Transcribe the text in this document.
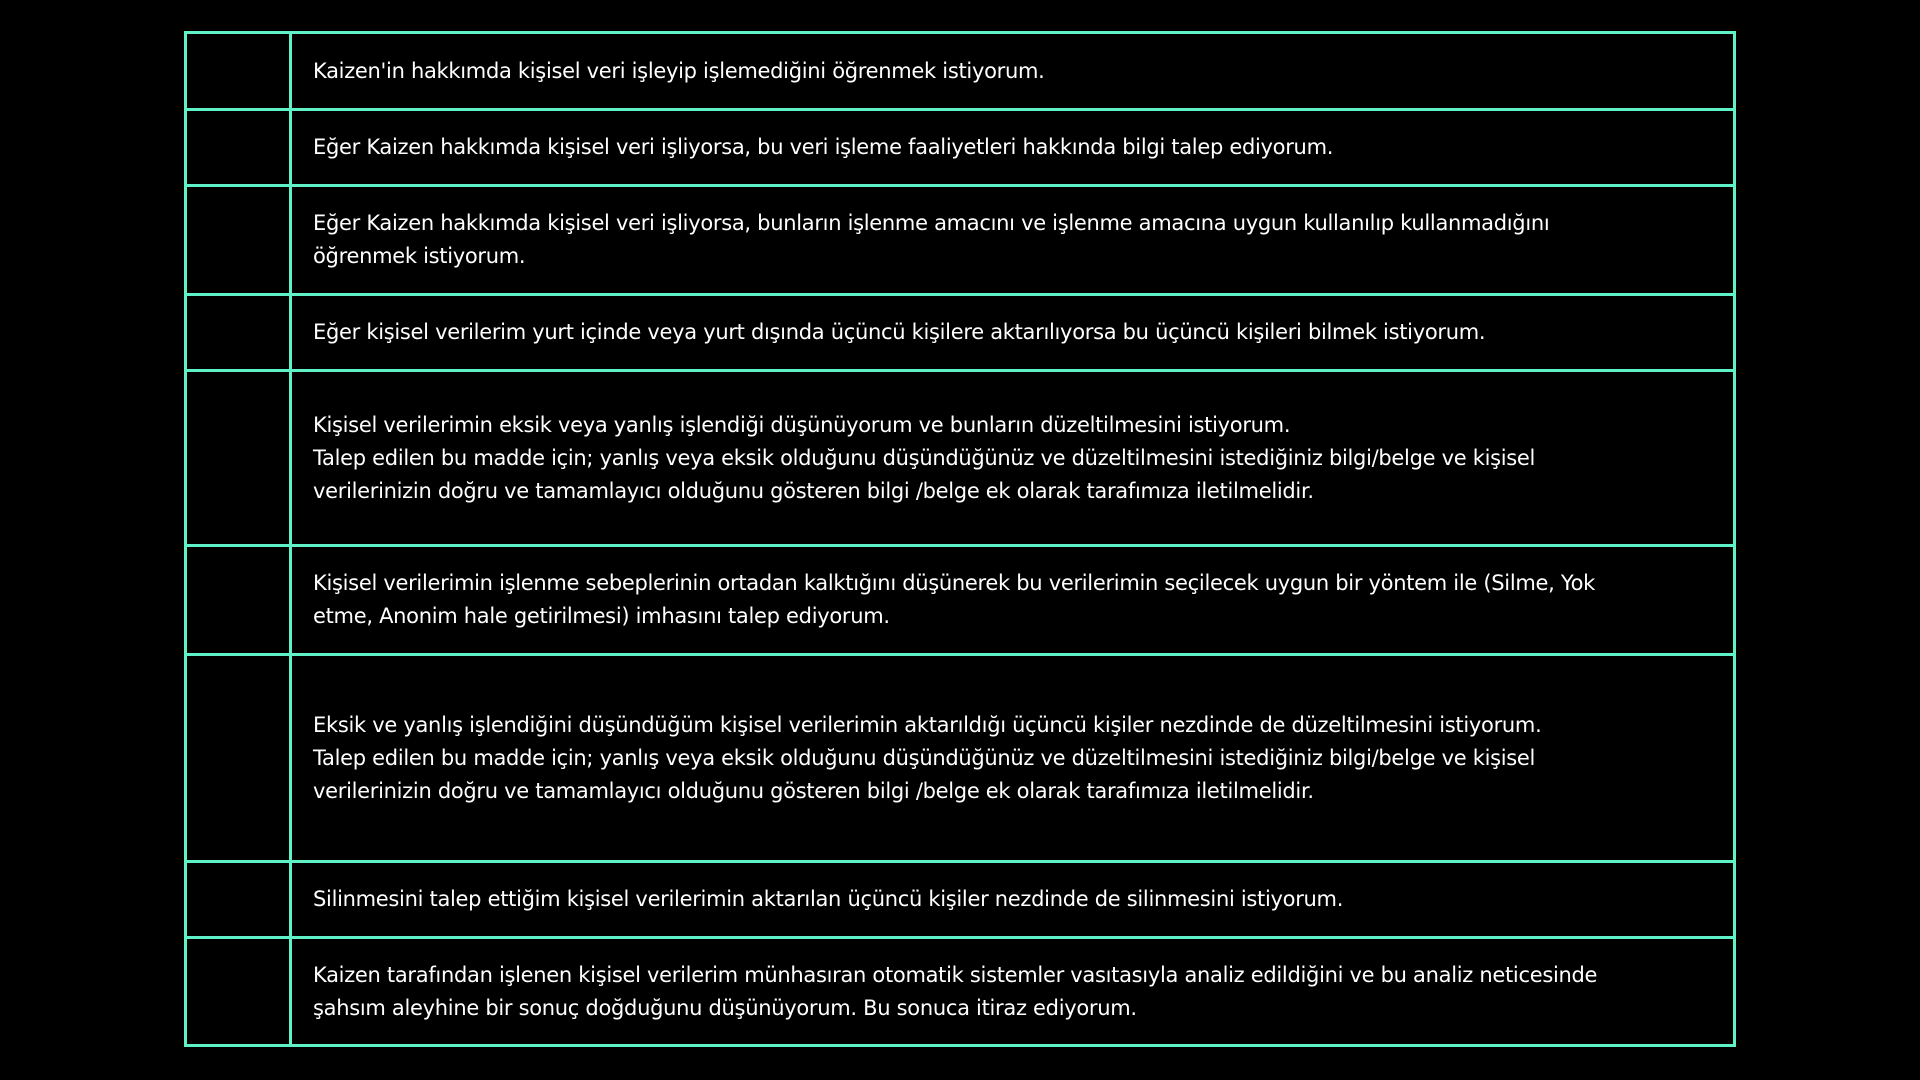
Kaizen'in hakkımda kişisel veri işleyip işlemediğini öğrenmek istiyorum.
Eğer Kaizen hakkımda kişisel veri işliyorsa, bu veri işleme faaliyetleri hakkında bilgi talep ediyorum.
Eğer Kaizen hakkımda kişisel veri işliyorsa, bunların işlenme amacını ve işlenme amacına uygun kullanılıp kullanmadığını
öğrenmek istiyorum.
Eğer kişisel verilerim yurt içinde veya yurt dışında üçüncü kişilere aktarılıyorsa bu üçüncü kişileri bilmek istiyorum.
Kişisel verilerimin eksik veya yanlış işlendiği düşünüyorum ve bunların düzeltilmesini istiyorum.
Talep edilen bu madde için; yanlış veya eksik olduğunu düşündüğünüz ve düzeltilmesini istediğiniz bilgi/belge ve kişisel
verilerinizin doğru ve tamamlayıcı olduğunu gösteren bilgi /belge ek olarak tarafımıza iletilmelidir.
Kişisel verilerimin işlenme sebeplerinin ortadan kalktığını düşünerek bu verilerimin seçilecek uygun bir yöntem ile (Silme, Yok
etme, Anonim hale getirilmesi) imhasını talep ediyorum.
Eksik ve yanlış işlendiğini düşündüğüm kişisel verilerimin aktarıldığı üçüncü kişiler nezdinde de düzeltilmesini istiyorum.
Talep edilen bu madde için; yanlış veya eksik olduğunu düşündüğünüz ve düzeltilmesini istediğiniz bilgi/belge ve kişisel
verilerinizin doğru ve tamamlayıcı olduğunu gösteren bilgi /belge ek olarak tarafımıza iletilmelidir.
Silinmesini talep ettiğim kişisel verilerimin aktarılan üçüncü kişiler nezdinde de silinmesini istiyorum.
Kaizen tarafından işlenen kişisel verilerim münhasıran otomatik sistemler vasıtasıyla analiz edildiğini ve bu analiz neticesinde
şahsım aleyhine bir sonuç doğduğunu düşünüyorum. Bu sonuca itiraz ediyorum.
